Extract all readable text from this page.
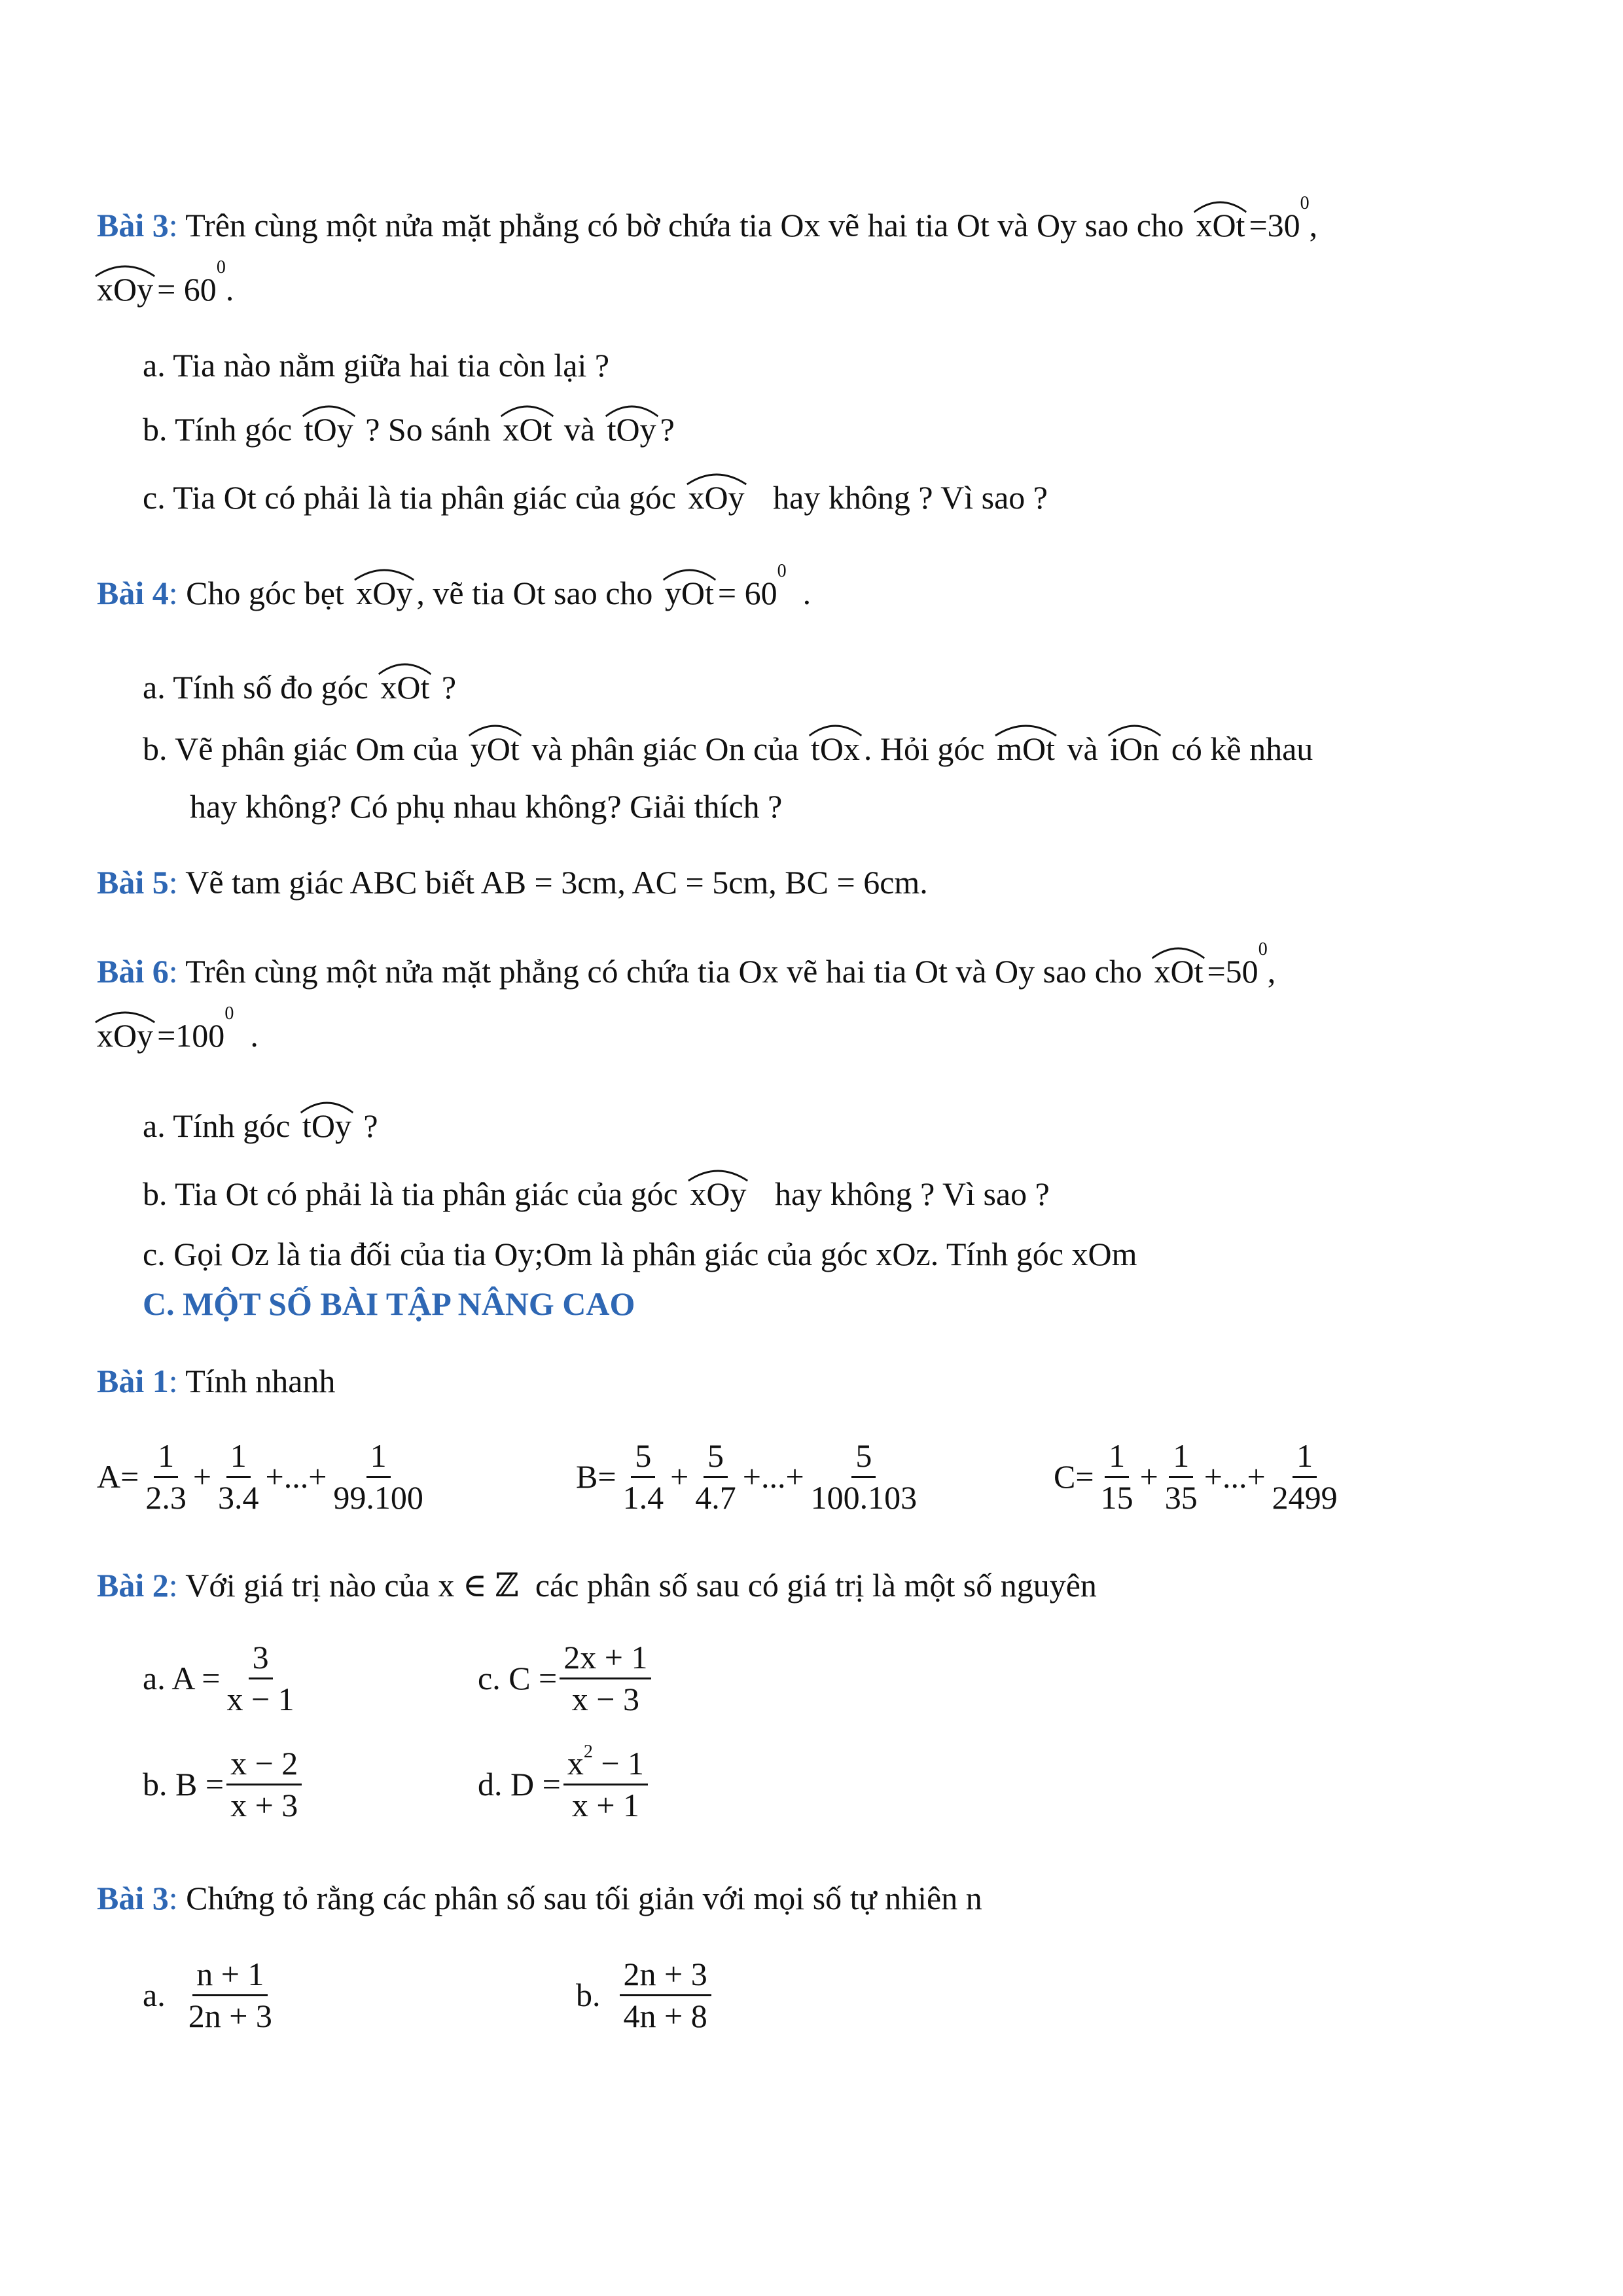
Bài 3: Trên cùng một nửa mặt phẳng có bờ chứa tia Ox vẽ hai tia Ot và Oy sao cho xOt $=30^0$,
xOy = $60^0$.
a. Tia nào nằm giữa hai tia còn lại ?
b. Tính góc tOy ? So sánh xOt và tOy ?
c. Tia Ot có phải là tia phân giác của góc xOy hay không ? Vì sao ?
Bài 4: Cho góc bẹt xOy , vẽ tia Ot sao cho yOt = $60^0$  .
a. Tính số đo góc xOt ?
b. Vẽ phân giác Om của yOt và phân giác On của tOx . Hỏi góc mOt và iOn có kề nhau
hay không? Có phụ nhau không? Giải thích ?
Bài 5: Vẽ tam giác ABC biết AB = 3cm, AC = 5cm, BC = 6cm.
Bài 6: Trên cùng một nửa mặt phẳng có chứa tia Ox vẽ hai tia Ot và Oy sao cho xOt $=50^0$,
xOy $=100^0$  .
a. Tính góc tOy ?
b. Tia Ot có phải là tia phân giác của góc xOy hay không ? Vì sao ?
c. Gọi Oz là tia đối của tia Oy;Om là phân giác của góc xOz. Tính góc xOm
C. MỘT SỐ BÀI TẬP NÂNG CAO
Bài 1: Tính nhanh
$A= \frac{1}{2.3} + \frac{1}{3.4}$ +...+ $\frac{1}{99.100}$	$B= \frac{5}{1.4} + \frac{5}{4.7}$ +...+ $\frac{5}{100.103}$	$C= \frac{1}{15} + \frac{1}{35}$ +...+ $\frac{1}{2499}$
Bài 2: Với giá trị nào của x ∈ ℤ các phân số sau có giá trị là một số nguyên
a. $A = \frac{3}{x - 1}$	c. $C = \frac{2x + 1}{x - 3}$
b. $B = \frac{x - 2}{x + 3}$	d. $D = \frac{x^2 - 1}{x + 1}$
Bài 3: Chứng tỏ rằng các phân số sau tối giản với mọi số tự nhiên n
a.
$\frac{n + 1}{2n + 3}$	b.
$\frac{2n + 3}{4n + 8}$
